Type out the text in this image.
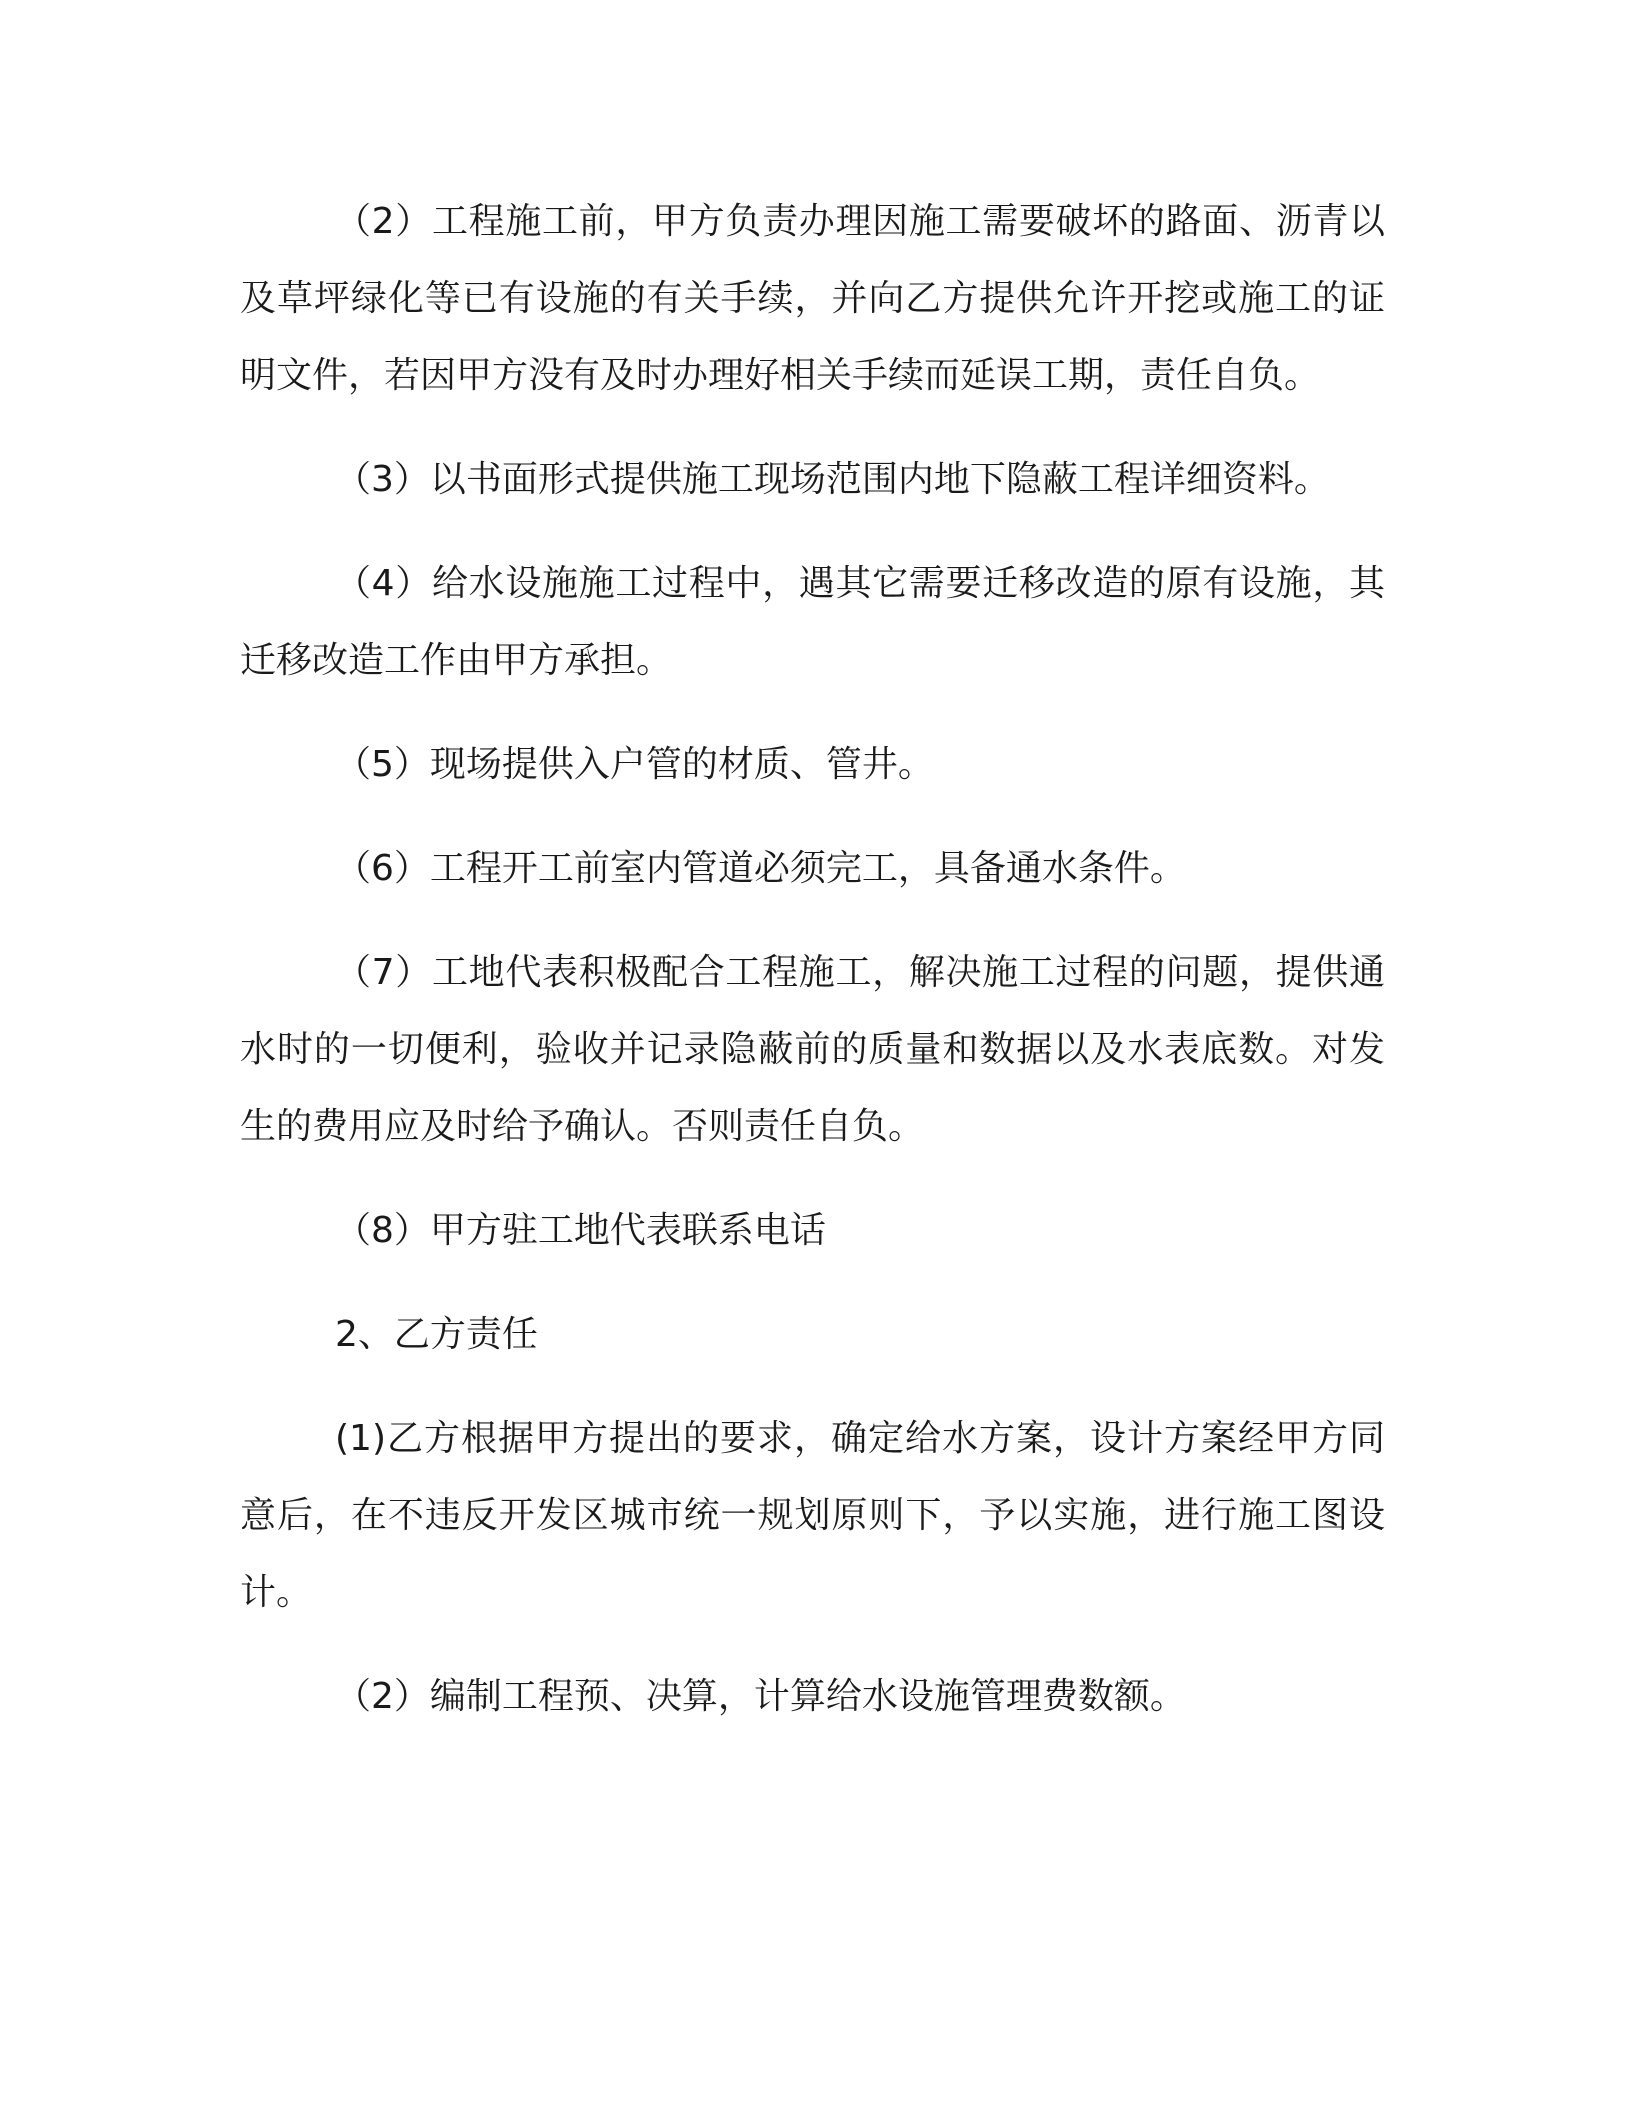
（2）工程施工前，甲方负责办理因施工需要破坏的路面、沥青以及草坪绿化等已有设施的有关手续，并向乙方提供允许开挖或施工的证明文件，若因甲方没有及时办理好相关手续而延误工期，责任自负。

（3）以书面形式提供施工现场范围内地下隐蔽工程详细资料。

（4）给水设施施工过程中，遇其它需要迁移改造的原有设施，其迁移改造工作由甲方承担。

（5）现场提供入户管的材质、管井。

（6）工程开工前室内管道必须完工，具备通水条件。

（7）工地代表积极配合工程施工，解决施工过程的问题，提供通水时的一切便利，验收并记录隐蔽前的质量和数据以及水表底数。对发生的费用应及时给予确认。否则责任自负。

（8）甲方驻工地代表联系电话

2、乙方责任

(1)乙方根据甲方提出的要求，确定给水方案，设计方案经甲方同意后，在不违反开发区城市统一规划原则下，予以实施，进行施工图设计。

（2）编制工程预、决算，计算给水设施管理费数额。
